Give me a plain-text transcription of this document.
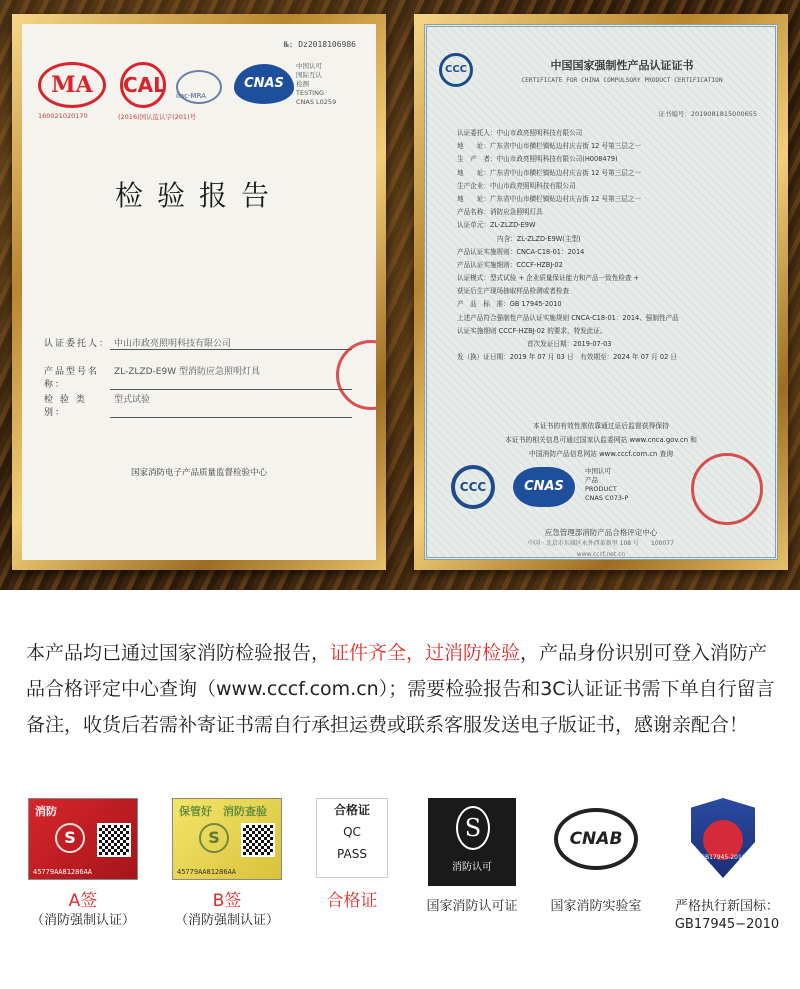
№: Dz2018106986
MA	CAL ilac-MRA
CNAS
中国认可
国际互认
检测
TESTING
CNAS L0259
160021020170	(2016)国认监认字(201)号
检验报告
认证委托人： 中山市政亮照明科技有限公司
产品型号名称：
ZL-ZLZD-E9W 型消防应急照明灯具
检 验 类 别：
型式试验
国家消防电子产品质量监督检验中心
CCC	中国国家强制性产品认证证书
CERTIFICATE FOR CHINA COMPULSORY PRODUCT CERTIFICATION
证书编号：2019081815000655
认证委托人：中山市政亮照明科技有限公司
地　　址：广东省中山市横栏镇贴边村庆吉街 12 号第三层之一
生　产　者：中山市政亮照明科技有限公司(H008479)
地　　址：广东省中山市横栏镇贴边村庆吉街 12 号第三层之一
生产企业：中山市政亮照明科技有限公司
地　　址：广东省中山市横栏镇贴边村庆吉街 12 号第三层之一
产品名称：消防应急照明灯具
认证单元：ZL-ZLZD-E9W
内含：ZL-ZLZD-E9W(主型)
产品认证实施规则：CNCA-C18-01：2014
产品认证实施细则：CCCF-HZBJ-02
认证模式：型式试验 + 企业质量保证能力和产品一致性检查 +
获证后生产现场抽取样品检测或者检查
产　品　标　准：GB 17945-2010
上述产品符合强制性产品认证实施规则 CNCA-C18-01：2014、强制性产品
认证实施细则 CCCF-HZBJ-02 的要求，特发此证。
首次发证日期：2019-07-03
发（换）证日期：2019 年 07 月 03 日　有效期至：2024 年 07 月 02 日
本证书的有效性需依靠通过证后监督获得保持
本证书的相关信息可通过国家认监委网站 www.cnca.gov.cn 和
中国消防产品信息网站 www.cccf.com.cn 查询
CCC	CNAS
中国认可
产品
PRODUCT
CNAS C073-P
应急管理部消防产品合格评定中心
中国 · 北京市东城区永外西革新里 108 号　　100077
www.cccf.net.cn
本产品均已通过国家消防检验报告，证件齐全，过消防检验，产品身份识别可登入消防产品合格评定中心查询（www.cccf.com.cn）；需要检验报告和3C认证证书需下单自行留言备注，收货后若需补寄证书需自行承担运费或联系客服发送电子版证书，感谢亲配合！
消防
S
45779AA81286AA
A签
（消防强制认证）
保管好　消防查验
S
45779AA81286AA
B签
（消防强制认证）
合格证
QC
PASS
合格证
S
消防认可
国家消防认可证
CNAB
国家消防实验室
GB17945-2010
严格执行新国标：
GB17945−2010
